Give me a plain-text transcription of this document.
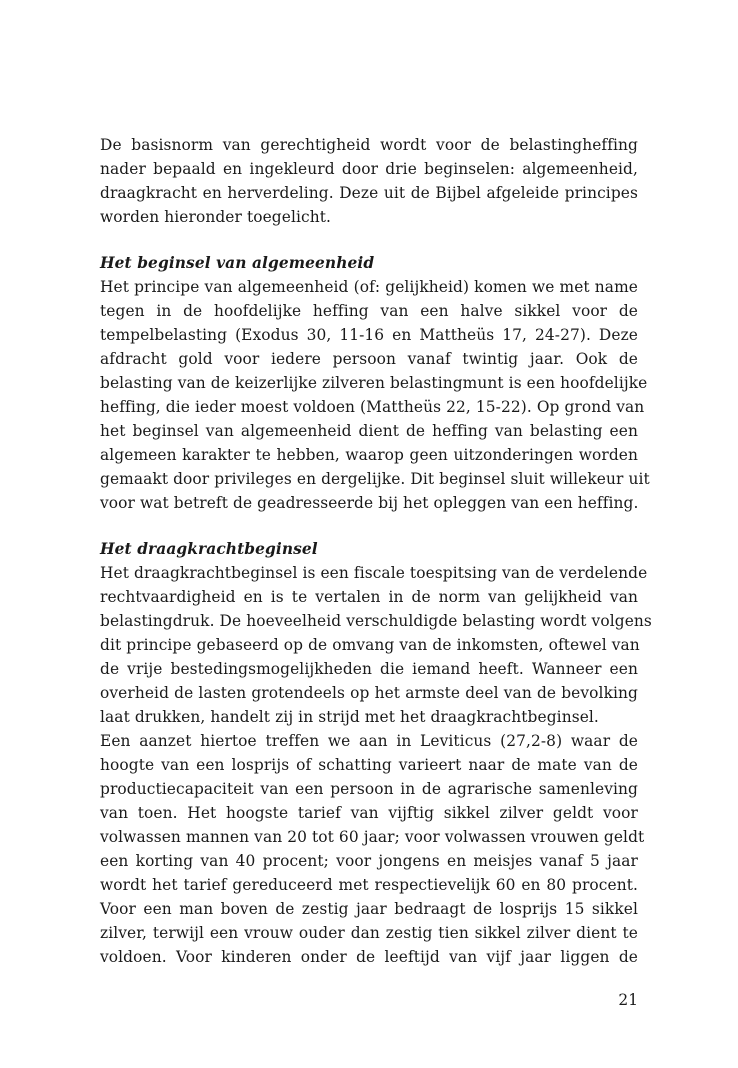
De basisnorm van gerechtigheid wordt voor de belastingheffing
nader bepaald en ingekleurd door drie beginselen: algemeenheid,
draagkracht en herverdeling. Deze uit de Bijbel afgeleide principes
worden hieronder toegelicht.
Het beginsel van algemeenheid
Het principe van algemeenheid (of: gelijkheid) komen we met name
tegen in de hoofdelijke heffing van een halve sikkel voor de
tempelbelasting (Exodus 30, 11-16 en Mattheüs 17, 24-27). Deze
afdracht gold voor iedere persoon vanaf twintig jaar. Ook de
belasting van de keizerlijke zilveren belastingmunt is een hoofdelijke
heffing, die ieder moest voldoen (Mattheüs 22, 15-22). Op grond van
het beginsel van algemeenheid dient de heffing van belasting een
algemeen karakter te hebben, waarop geen uitzonderingen worden
gemaakt door privileges en dergelijke. Dit beginsel sluit willekeur uit
voor wat betreft de geadresseerde bij het opleggen van een heffing.
Het draagkrachtbeginsel
Het draagkrachtbeginsel is een fiscale toespitsing van de verdelende
rechtvaardigheid en is te vertalen in de norm van gelijkheid van
belastingdruk. De hoeveelheid verschuldigde belasting wordt volgens
dit principe gebaseerd op de omvang van de inkomsten, oftewel van
de vrije bestedingsmogelijkheden die iemand heeft. Wanneer een
overheid de lasten grotendeels op het armste deel van de bevolking
laat drukken, handelt zij in strijd met het draagkrachtbeginsel.
Een aanzet hiertoe treffen we aan in Leviticus (27,2-8) waar de
hoogte van een losprijs of schatting varieert naar de mate van de
productiecapaciteit van een persoon in de agrarische samenleving
van toen. Het hoogste tarief van vijftig sikkel zilver geldt voor
volwassen mannen van 20 tot 60 jaar; voor volwassen vrouwen geldt
een korting van 40 procent; voor jongens en meisjes vanaf 5 jaar
wordt het tarief gereduceerd met respectievelijk 60 en 80 procent.
Voor een man boven de zestig jaar bedraagt de losprijs 15 sikkel
zilver, terwijl een vrouw ouder dan zestig tien sikkel zilver dient te
voldoen. Voor kinderen onder de leeftijd van vijf jaar liggen de
21
